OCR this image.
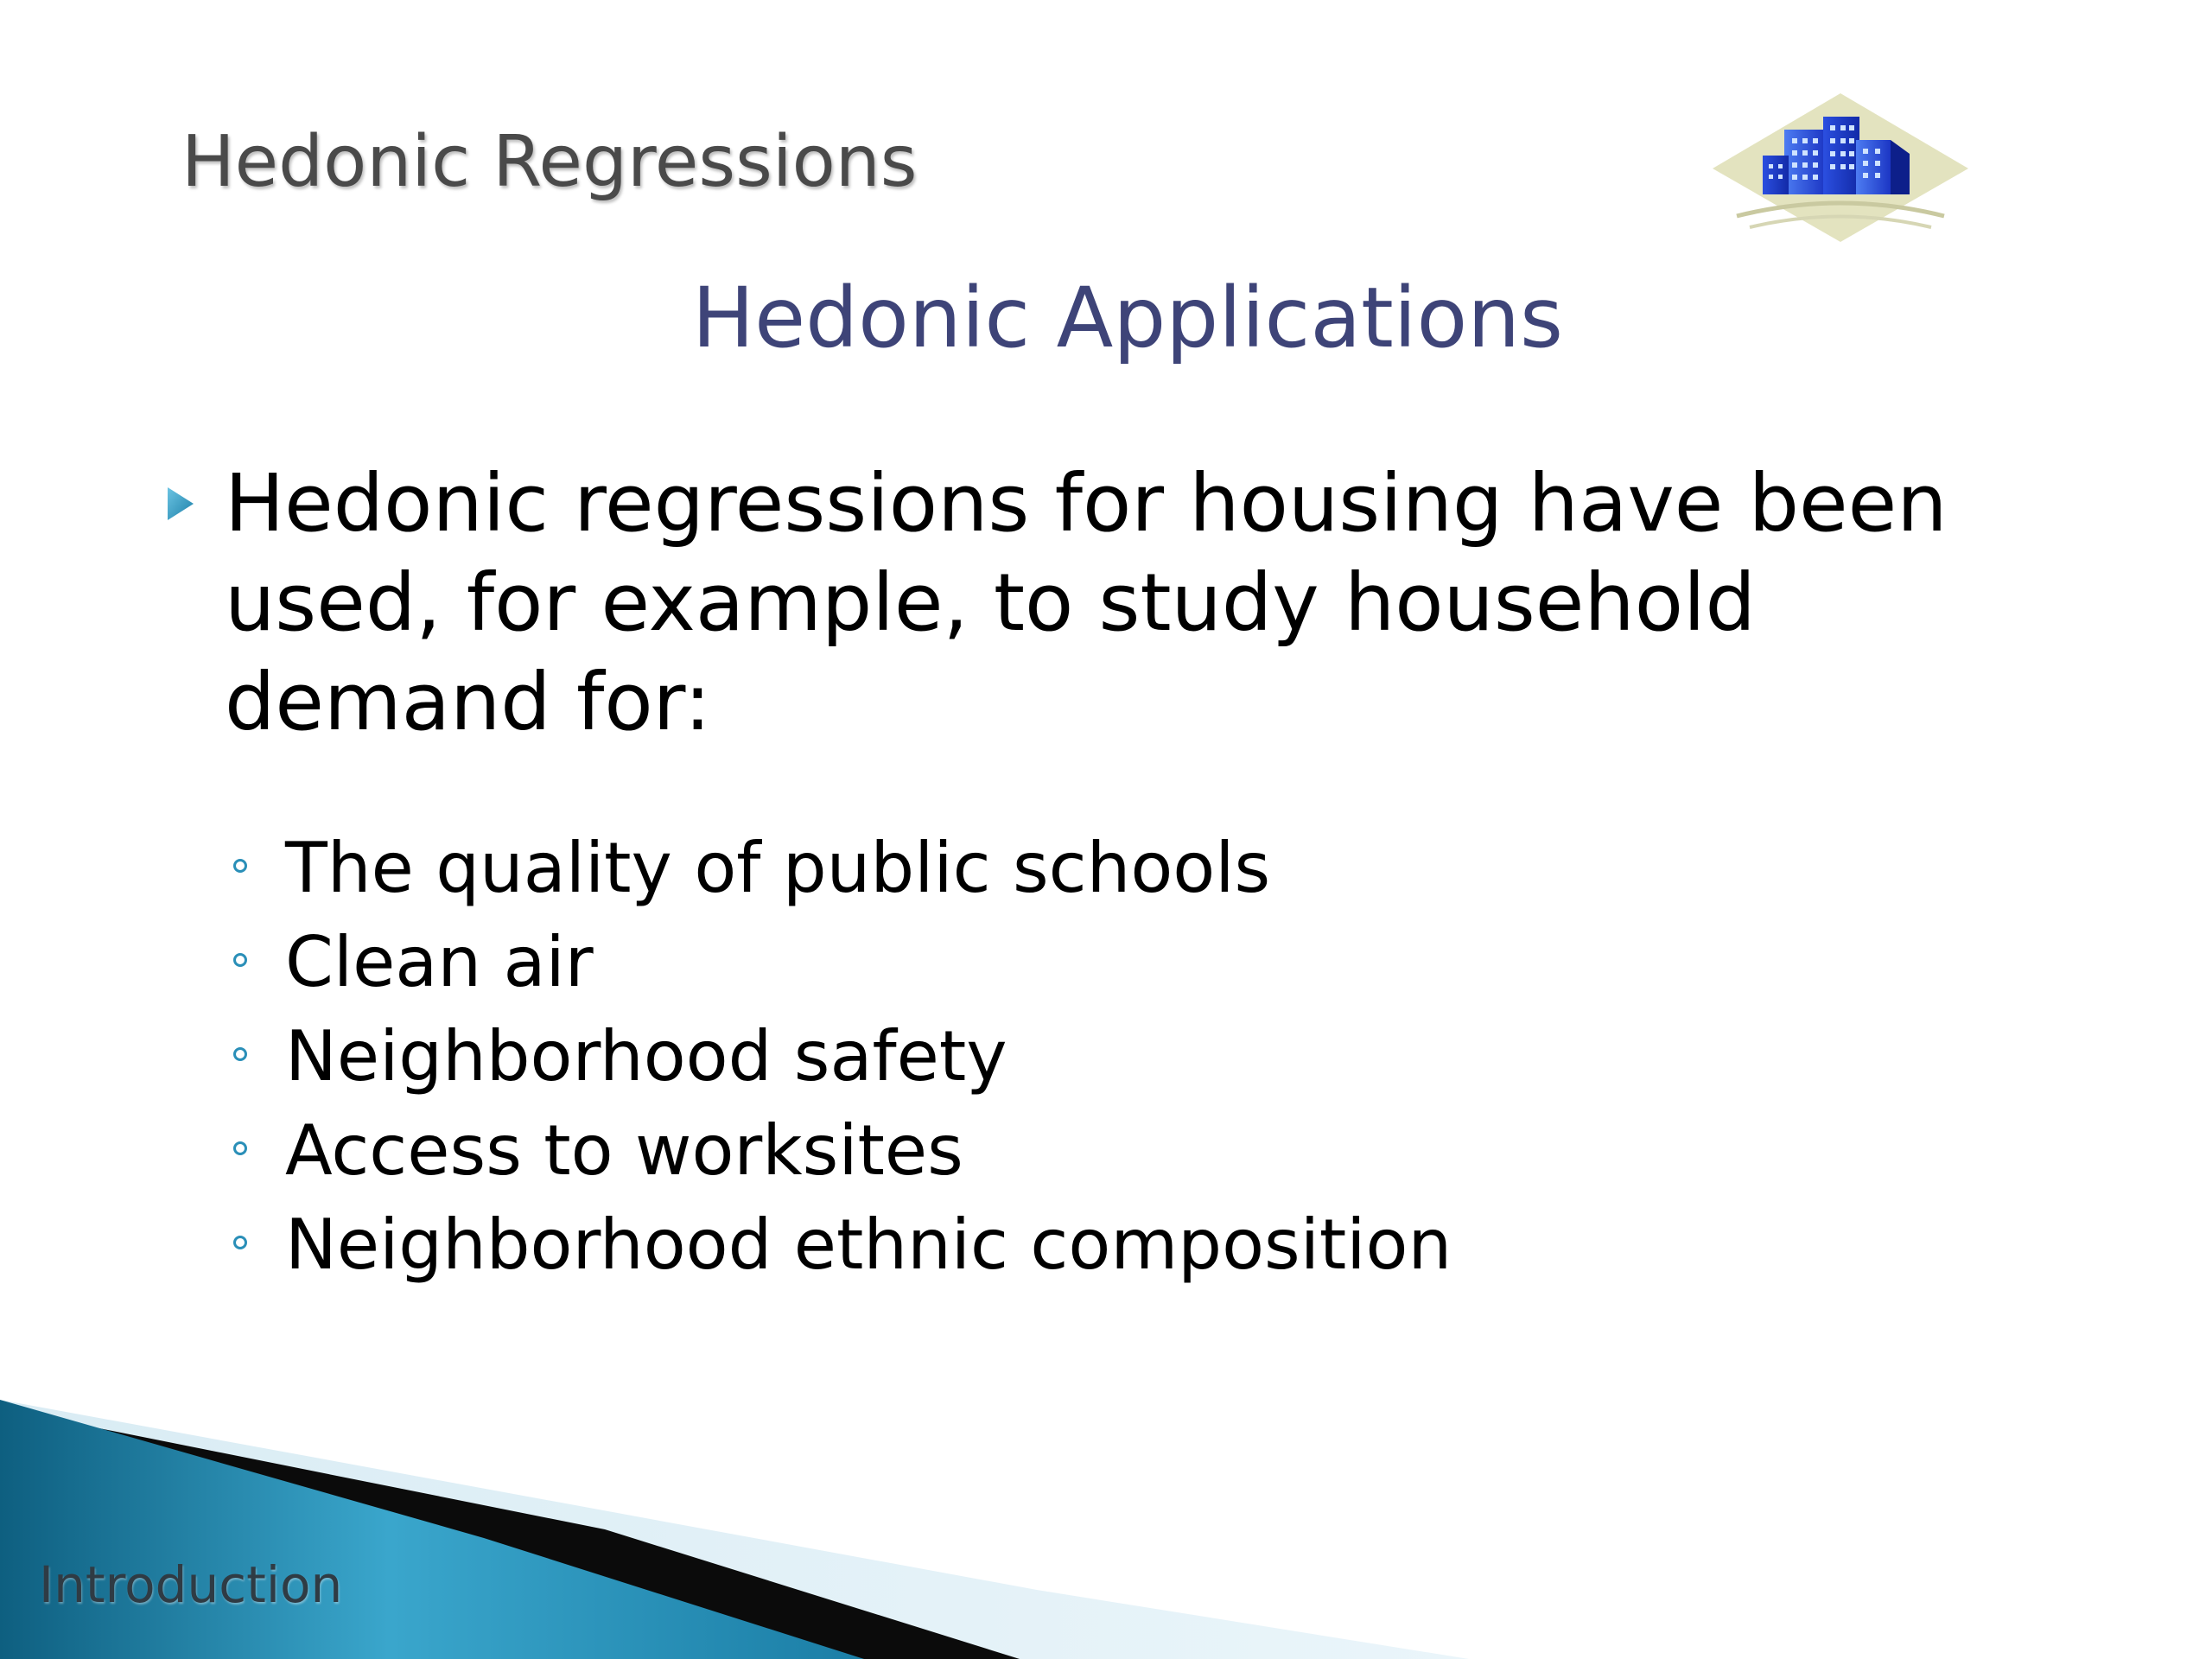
Hedonic Regressions
Hedonic Applications
Hedonic regressions for housing have been used, for example, to study household demand for:
The quality of public schools
Clean air
Neighborhood safety
Access to worksites
Neighborhood ethnic composition
Introduction
